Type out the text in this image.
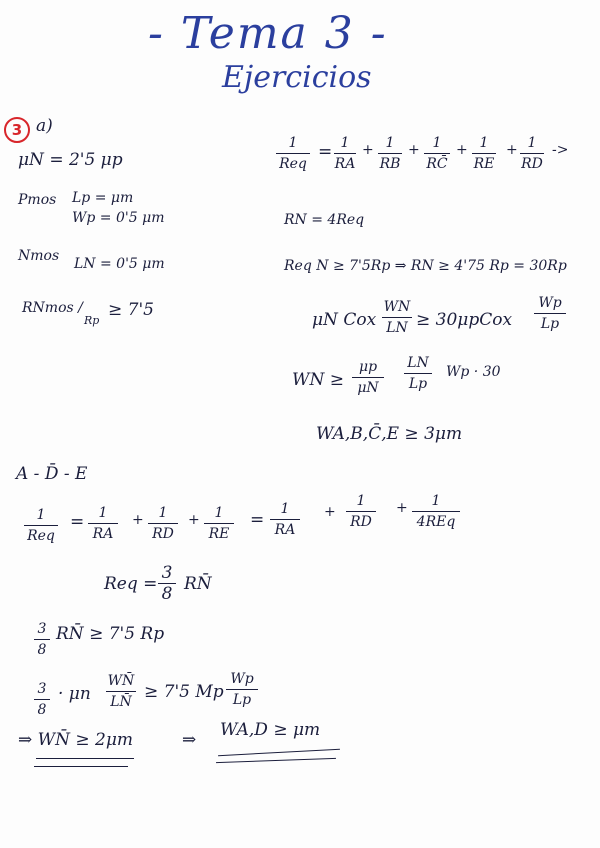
- Tema 3 -
Ejercicios
3 a)
μN = 2'5 μp
Pmos Lp = μm
Wp = 0'5 μm
Nmos LN = 0'5 μm
RNmos /
Rp
≥ 7'5
1
Req
= 1
RA
+ 1
RB
+ 1
RC̄
+ 1
RE
+ 1
RD
->
RN = 4Req
Req N ≥ 7'5Rp ⇒ RN ≥ 4'75 Rp = 30Rp
μN Cox
WN
LN ≥ 30μpCox
Wp
Lp
WN ≥
μp
μN
LN
Lp
Wp · 30
WA,B,C̄,E ≥ 3μm
A - D̄ - E
1
Req
=	1
RA
+	1
RD
+	1
RE
=
1
RA
+
1
RD
+	1
4REq
Req =
3
8 RN̄
3
8
RN̄ ≥ 7'5 Rp
3
8
· μn
WN̄
LN̄ ≥ 7'5 Mp
Wp
Lp
⇒ WN̄ ≥ 2μm	⇒ WA,D ≥ μm
